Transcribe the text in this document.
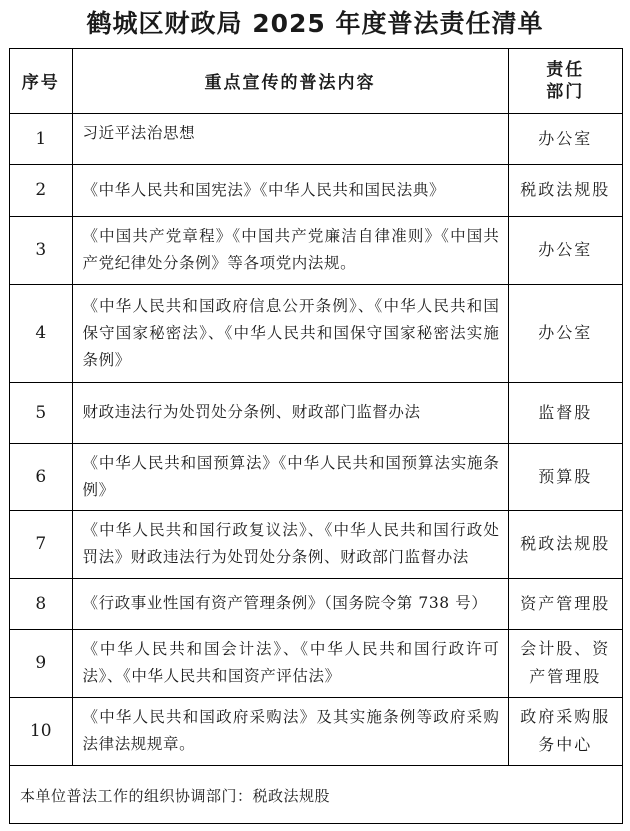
鹤城区财政局 2025 年度普法责任清单
序号	重点宣传的普法内容	责任
部门

1	习近平法治思想	办公室
2	《中华人民共和国宪法》《中华人民共和国民法典》	税政法规股
3	《中国共产党章程》《中国共产党廉洁自律准则》《中国共产党纪律处分条例》等各项党内法规。	办公室
4	《中华人民共和国政府信息公开条例》、《中华人民共和国保守国家秘密法》、《中华人民共和国保守国家秘密法实施条例》	办公室
5	财政违法行为处罚处分条例、财政部门监督办法	监督股
6	《中华人民共和国预算法》《中华人民共和国预算法实施条例》	预算股
7	《中华人民共和国行政复议法》、《中华人民共和国行政处罚法》财政违法行为处罚处分条例、财政部门监督办法	税政法规股
8	《行政事业性国有资产管理条例》（国务院令第 738 号）	资产管理股
9	《中华人民共和国会计法》、《中华人民共和国行政许可法》、《中华人民共和国资产评估法》	会计股、资产管理股
10	《中华人民共和国政府采购法》及其实施条例等政府采购法律法规规章。	政府采购服务中心
本单位普法工作的组织协调部门：税政法规股		
